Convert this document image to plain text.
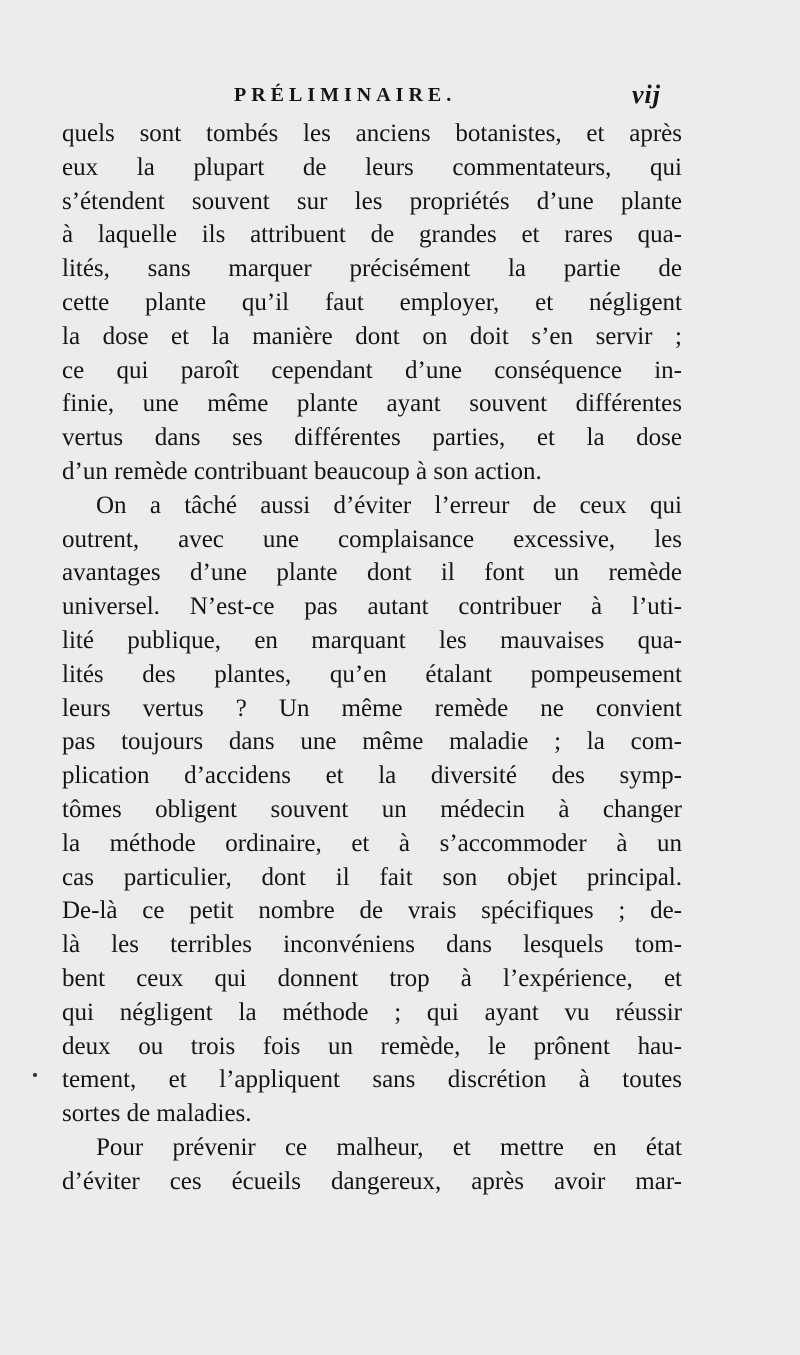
PRÉLIMINAIRE.	vij
quels sont tombés les anciens botanistes, et après
eux la plupart de leurs commentateurs, qui
s’étendent souvent sur les propriétés d’une plante
à laquelle ils attribuent de grandes et rares qua-
lités, sans marquer précisément la partie de
cette plante qu’il faut employer, et négligent
la dose et la manière dont on doit s’en servir ;
ce qui paroît cependant d’une conséquence in-
finie, une même plante ayant souvent différentes
vertus dans ses différentes parties, et la dose
d’un remède contribuant beaucoup à son action.
On a tâché aussi d’éviter l’erreur de ceux qui
outrent, avec une complaisance excessive, les
avantages d’une plante dont il font un remède
universel. N’est-ce pas autant contribuer à l’uti-
lité publique, en marquant les mauvaises qua-
lités des plantes, qu’en étalant pompeusement
leurs vertus ? Un même remède ne convient
pas toujours dans une même maladie ; la com-
plication d’accidens et la diversité des symp-
tômes obligent souvent un médecin à changer
la méthode ordinaire, et à s’accommoder à un
cas particulier, dont il fait son objet principal.
De-là ce petit nombre de vrais spécifiques ; de-
là les terribles inconvéniens dans lesquels tom-
bent ceux qui donnent trop à l’expérience, et
qui négligent la méthode ; qui ayant vu réussir
deux ou trois fois un remède, le prônent hau-
tement, et l’appliquent sans discrétion à toutes
sortes de maladies.
Pour prévenir ce malheur, et mettre en état
d’éviter ces écueils dangereux, après avoir mar-
